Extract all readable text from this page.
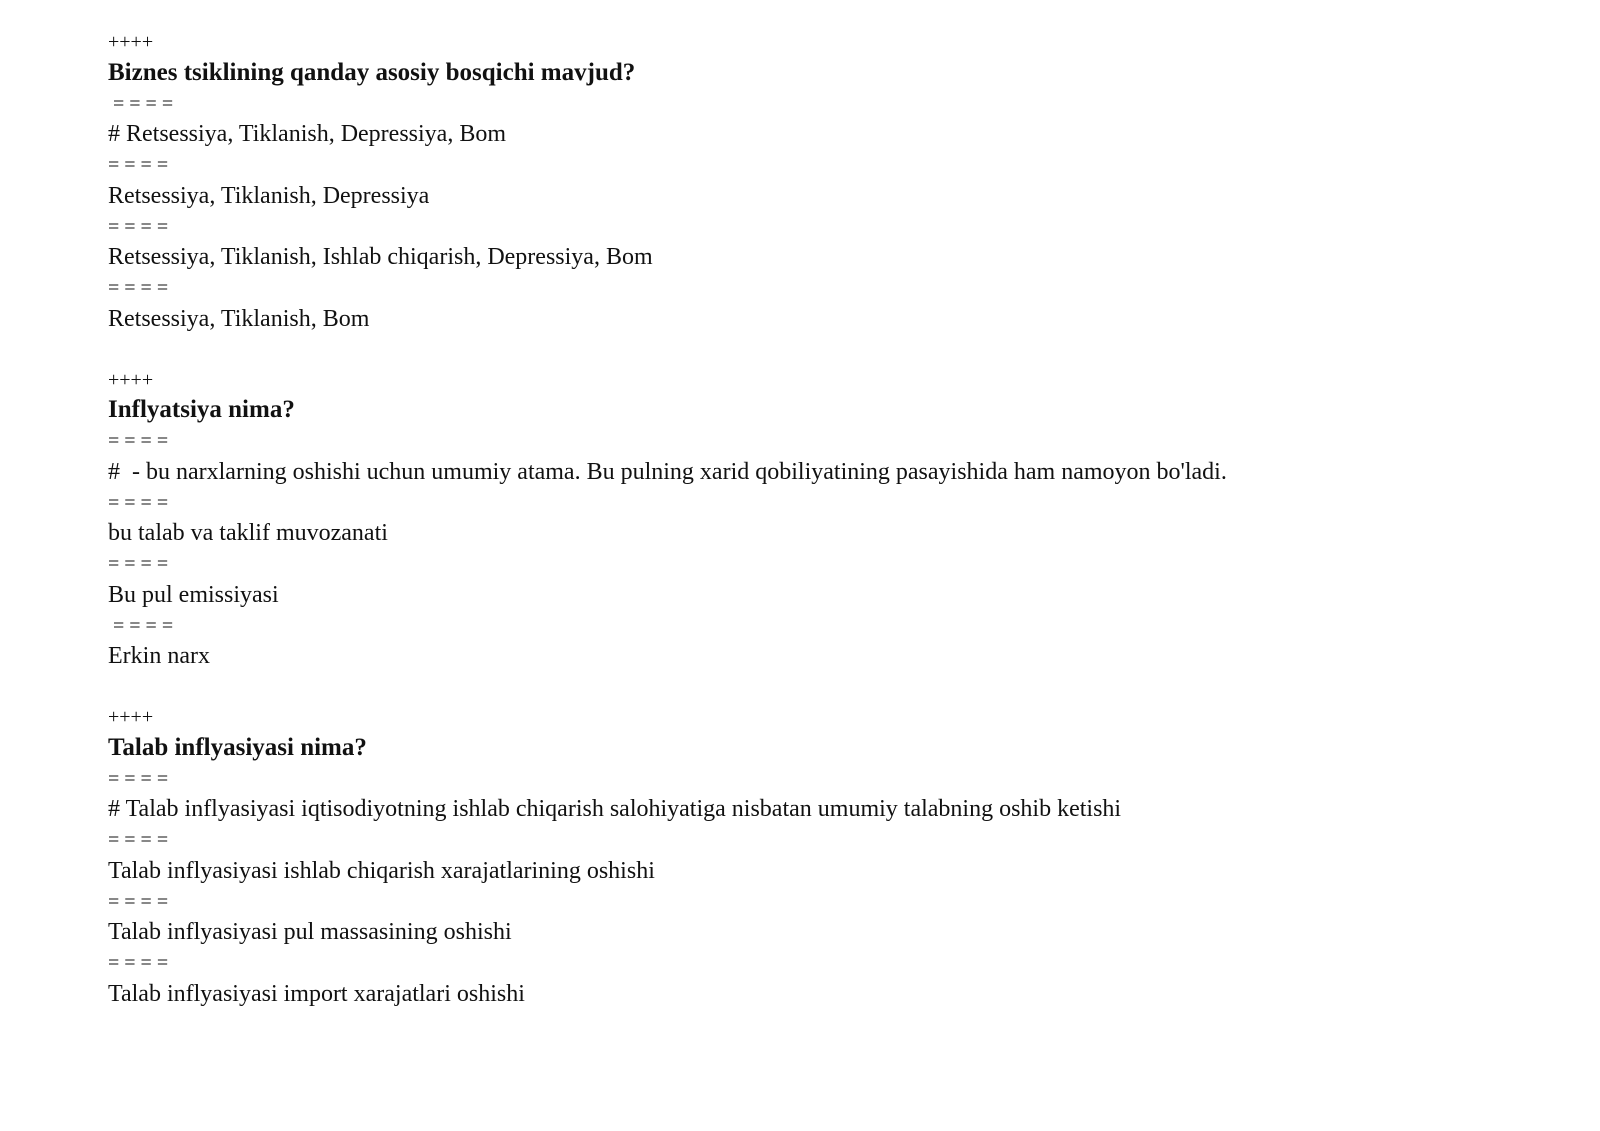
++++
Biznes tsiklining qanday asosiy bosqichi mavjud?
= = = =
# Retsessiya, Tiklanish, Depressiya, Bom
= = = =
Retsessiya, Tiklanish, Depressiya
= = = =
Retsessiya, Tiklanish, Ishlab chiqarish, Depressiya, Bom
= = = =
Retsessiya, Tiklanish, Bom
++++
Inflyatsiya nima?
= = = =
#  - bu narxlarning oshishi uchun umumiy atama. Bu pulning xarid qobiliyatining pasayishida ham namoyon bo'ladi.
= = = =
bu talab va taklif muvozanati
= = = =
Bu pul emissiyasi
= = = =
Erkin narx
++++
Talab inflyasiyasi nima?
= = = =
# Talab inflyasiyasi iqtisodiyotning ishlab chiqarish salohiyatiga nisbatan umumiy talabning oshib ketishi
= = = =
Talab inflyasiyasi ishlab chiqarish xarajatlarining oshishi
= = = =
Talab inflyasiyasi pul massasining oshishi
= = = =
Talab inflyasiyasi import xarajatlari oshishi
